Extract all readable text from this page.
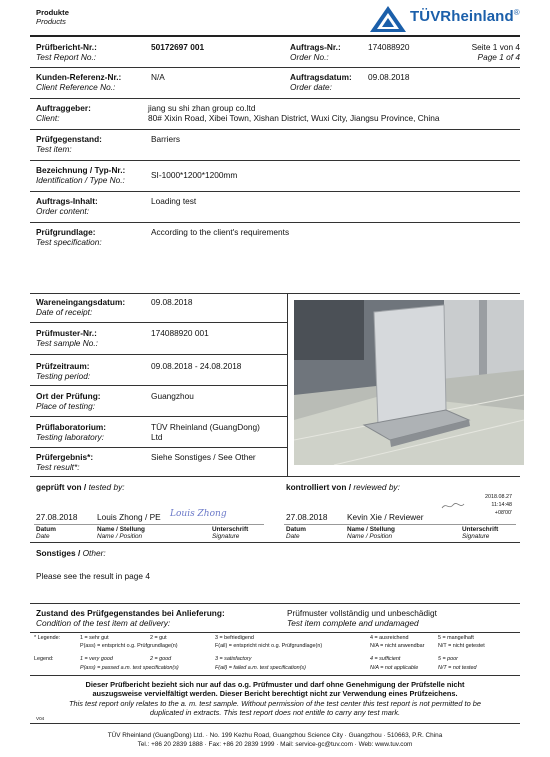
Produkte
Products	TÜVRheinland®
Prüfbericht-Nr.:
Test Report No.:
50172697 001	Auftrags-Nr.:
Order No.:
174088920	Seite 1 von 4
Page 1 of 4
Kunden-Referenz-Nr.:
Client Reference No.:
N/A	Auftragsdatum:
Order date:
09.08.2018
Auftraggeber:
Client:
jiang su shi zhan group co.ltd
80# Xixin Road, Xibei Town, Xishan District, Wuxi City, Jiangsu Province, China
Prüfgegenstand:
Test item:
Barriers
Bezeichnung / Typ-Nr.:
Identification / Type No.:	SI-1000*1200*1200mm
Auftrags-Inhalt:
Order content:
Loading test
Prüfgrundlage:
Test specification:
According to the client's requirements
Wareneingangsdatum:
Date of receipt:
09.08.2018
Prüfmuster-Nr.:
Test sample No.:
174088920 001
Prüfzeitraum:
Testing period:
09.08.2018 - 24.08.2018
Ort der Prüfung:
Place of testing:
Guangzhou
Prüflaboratorium:
Testing laboratory:
TÜV Rheinland (GuangDong)
Ltd
Prüfergebnis*:
Test result*:
Siehe Sonstiges / See Other
geprüft von / tested by:	kontrolliert von / reviewed by:
27.08.2018 Louis Zhong / PE Louis Zhong	27.08.2018 Kevin Xie / Reviewer
2018.08.27
11:14:48
+08'00'
Datum
Date
Name / Stellung
Name / Position
Unterschrift
Signature
Datum
Date
Name / Stellung
Name / Position
Unterschrift
Signature
Sonstiges / Other:
Please see the result in page 4
Zustand des Prüfgegenstandes bei Anlieferung:
Condition of the test item at delivery:
Prüfmuster vollständig und unbeschädigt
Test item complete and undamaged
* Legende:	1 = sehr gut	2 = gut	3 = befriedigend	4 = ausreichend	5 = mangelhaft
P(ass) = entspricht o.g. Prüfgrundlage(n)	F(ail) = entspricht nicht o.g. Prüfgrundlage(n)	N/A = nicht anwendbar	N/T = nicht getestet
Legend:	1 = very good	2 = good	3 = satisfactory	4 = sufficient	5 = poor
P(ass) = passed a.m. test specification(s)	F(ail) = failed a.m. test specification(s)	N/A = not applicable	N/T = not tested
Dieser Prüfbericht bezieht sich nur auf das o.g. Prüfmuster und darf ohne Genehmigung der Prüfstelle nicht
auszugsweise vervielfältigt werden. Dieser Bericht berechtigt nicht zur Verwendung eines Prüfzeichens.
This test report only relates to the a. m. test sample. Without permission of the test center this test report is not permitted to be
duplicated in extracts. This test report does not entitle to carry any test mark.
V04
TÜV Rheinland (GuangDong) Ltd. · No. 199 Kezhu Road, Guangzhou Science City · Guangzhou · 510663, P.R. China
Tel.: +86 20 2839 1888 · Fax: +86 20 2839 1999 · Mail: service-gc@tuv.com · Web: www.tuv.com
